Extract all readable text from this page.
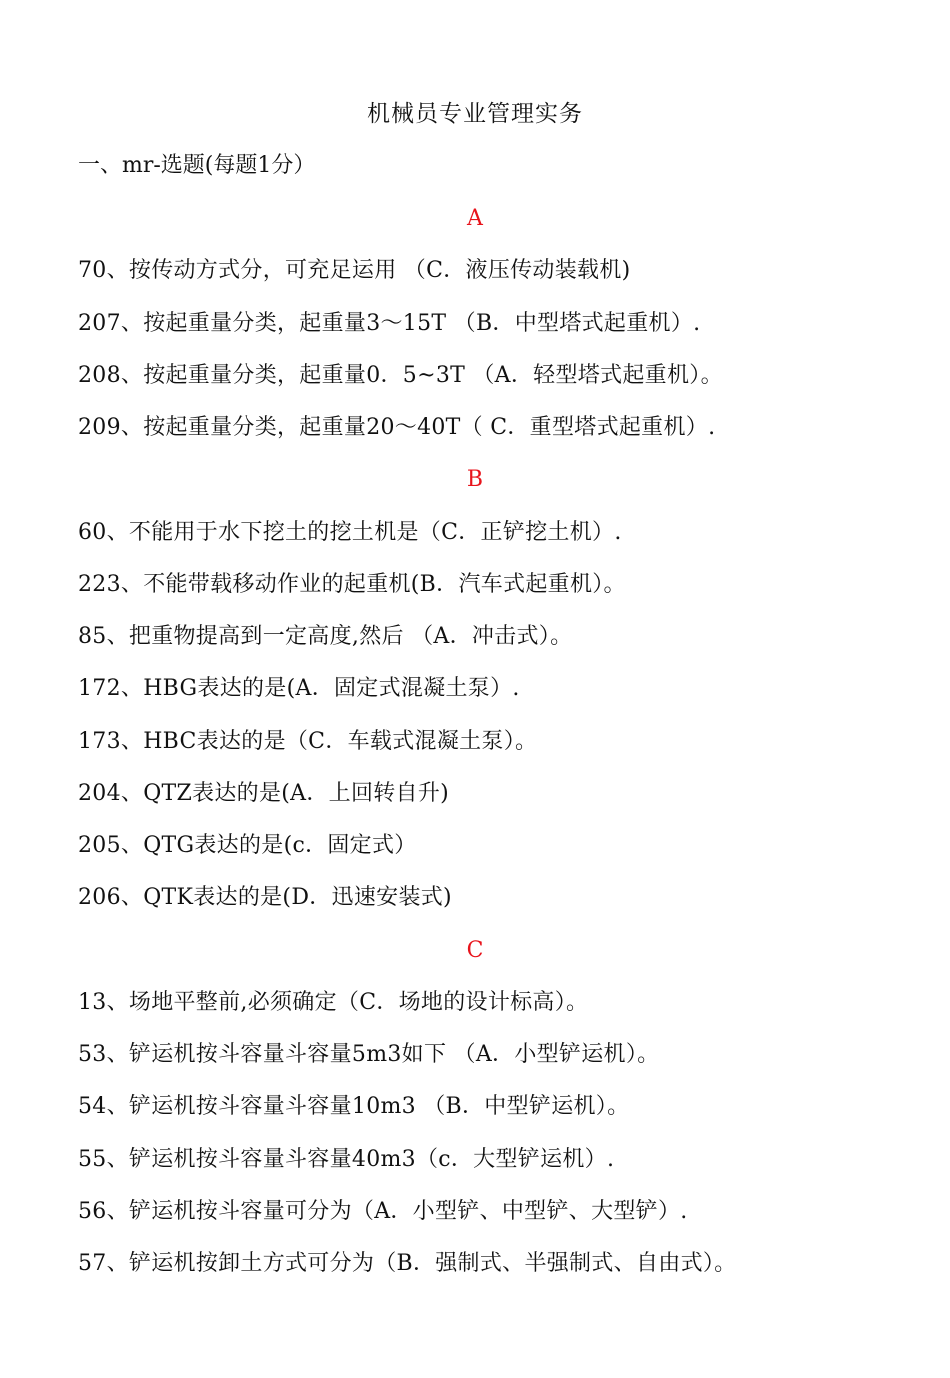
机械员专业管理实务
一、mr-选题(每题1分）
A
70、按传动方式分，可充足运用 （C．液压传动装载机)
207、按起重量分类，起重量3～15T （B．中型塔式起重机）.
208、按起重量分类，起重量0．5~3T （A．轻型塔式起重机）。
209、按起重量分类，起重量20～40T（ C．重型塔式起重机）.
B
60、不能用于水下挖土的挖土机是（C．正铲挖土机）.
223、不能带载移动作业的起重机(B．汽车式起重机）。
85、把重物提高到一定高度,然后 （A．冲击式）。
172、HBG表达的是(A．固定式混凝土泵）.
173、HBC表达的是（C．车载式混凝土泵）。
204、QTZ表达的是(A．上回转自升)
205、QTG表达的是(c．固定式）
206、QTK表达的是(D．迅速安装式)
C
13、场地平整前,必须确定（C．场地的设计标高）。
53、铲运机按斗容量斗容量5m3如下 （A．小型铲运机）。
54、铲运机按斗容量斗容量10m3 （B．中型铲运机）。
55、铲运机按斗容量斗容量40m3（c．大型铲运机）.
56、铲运机按斗容量可分为（A．小型铲、中型铲、大型铲）.
57、铲运机按卸土方式可分为（B．强制式、半强制式、自由式）。
